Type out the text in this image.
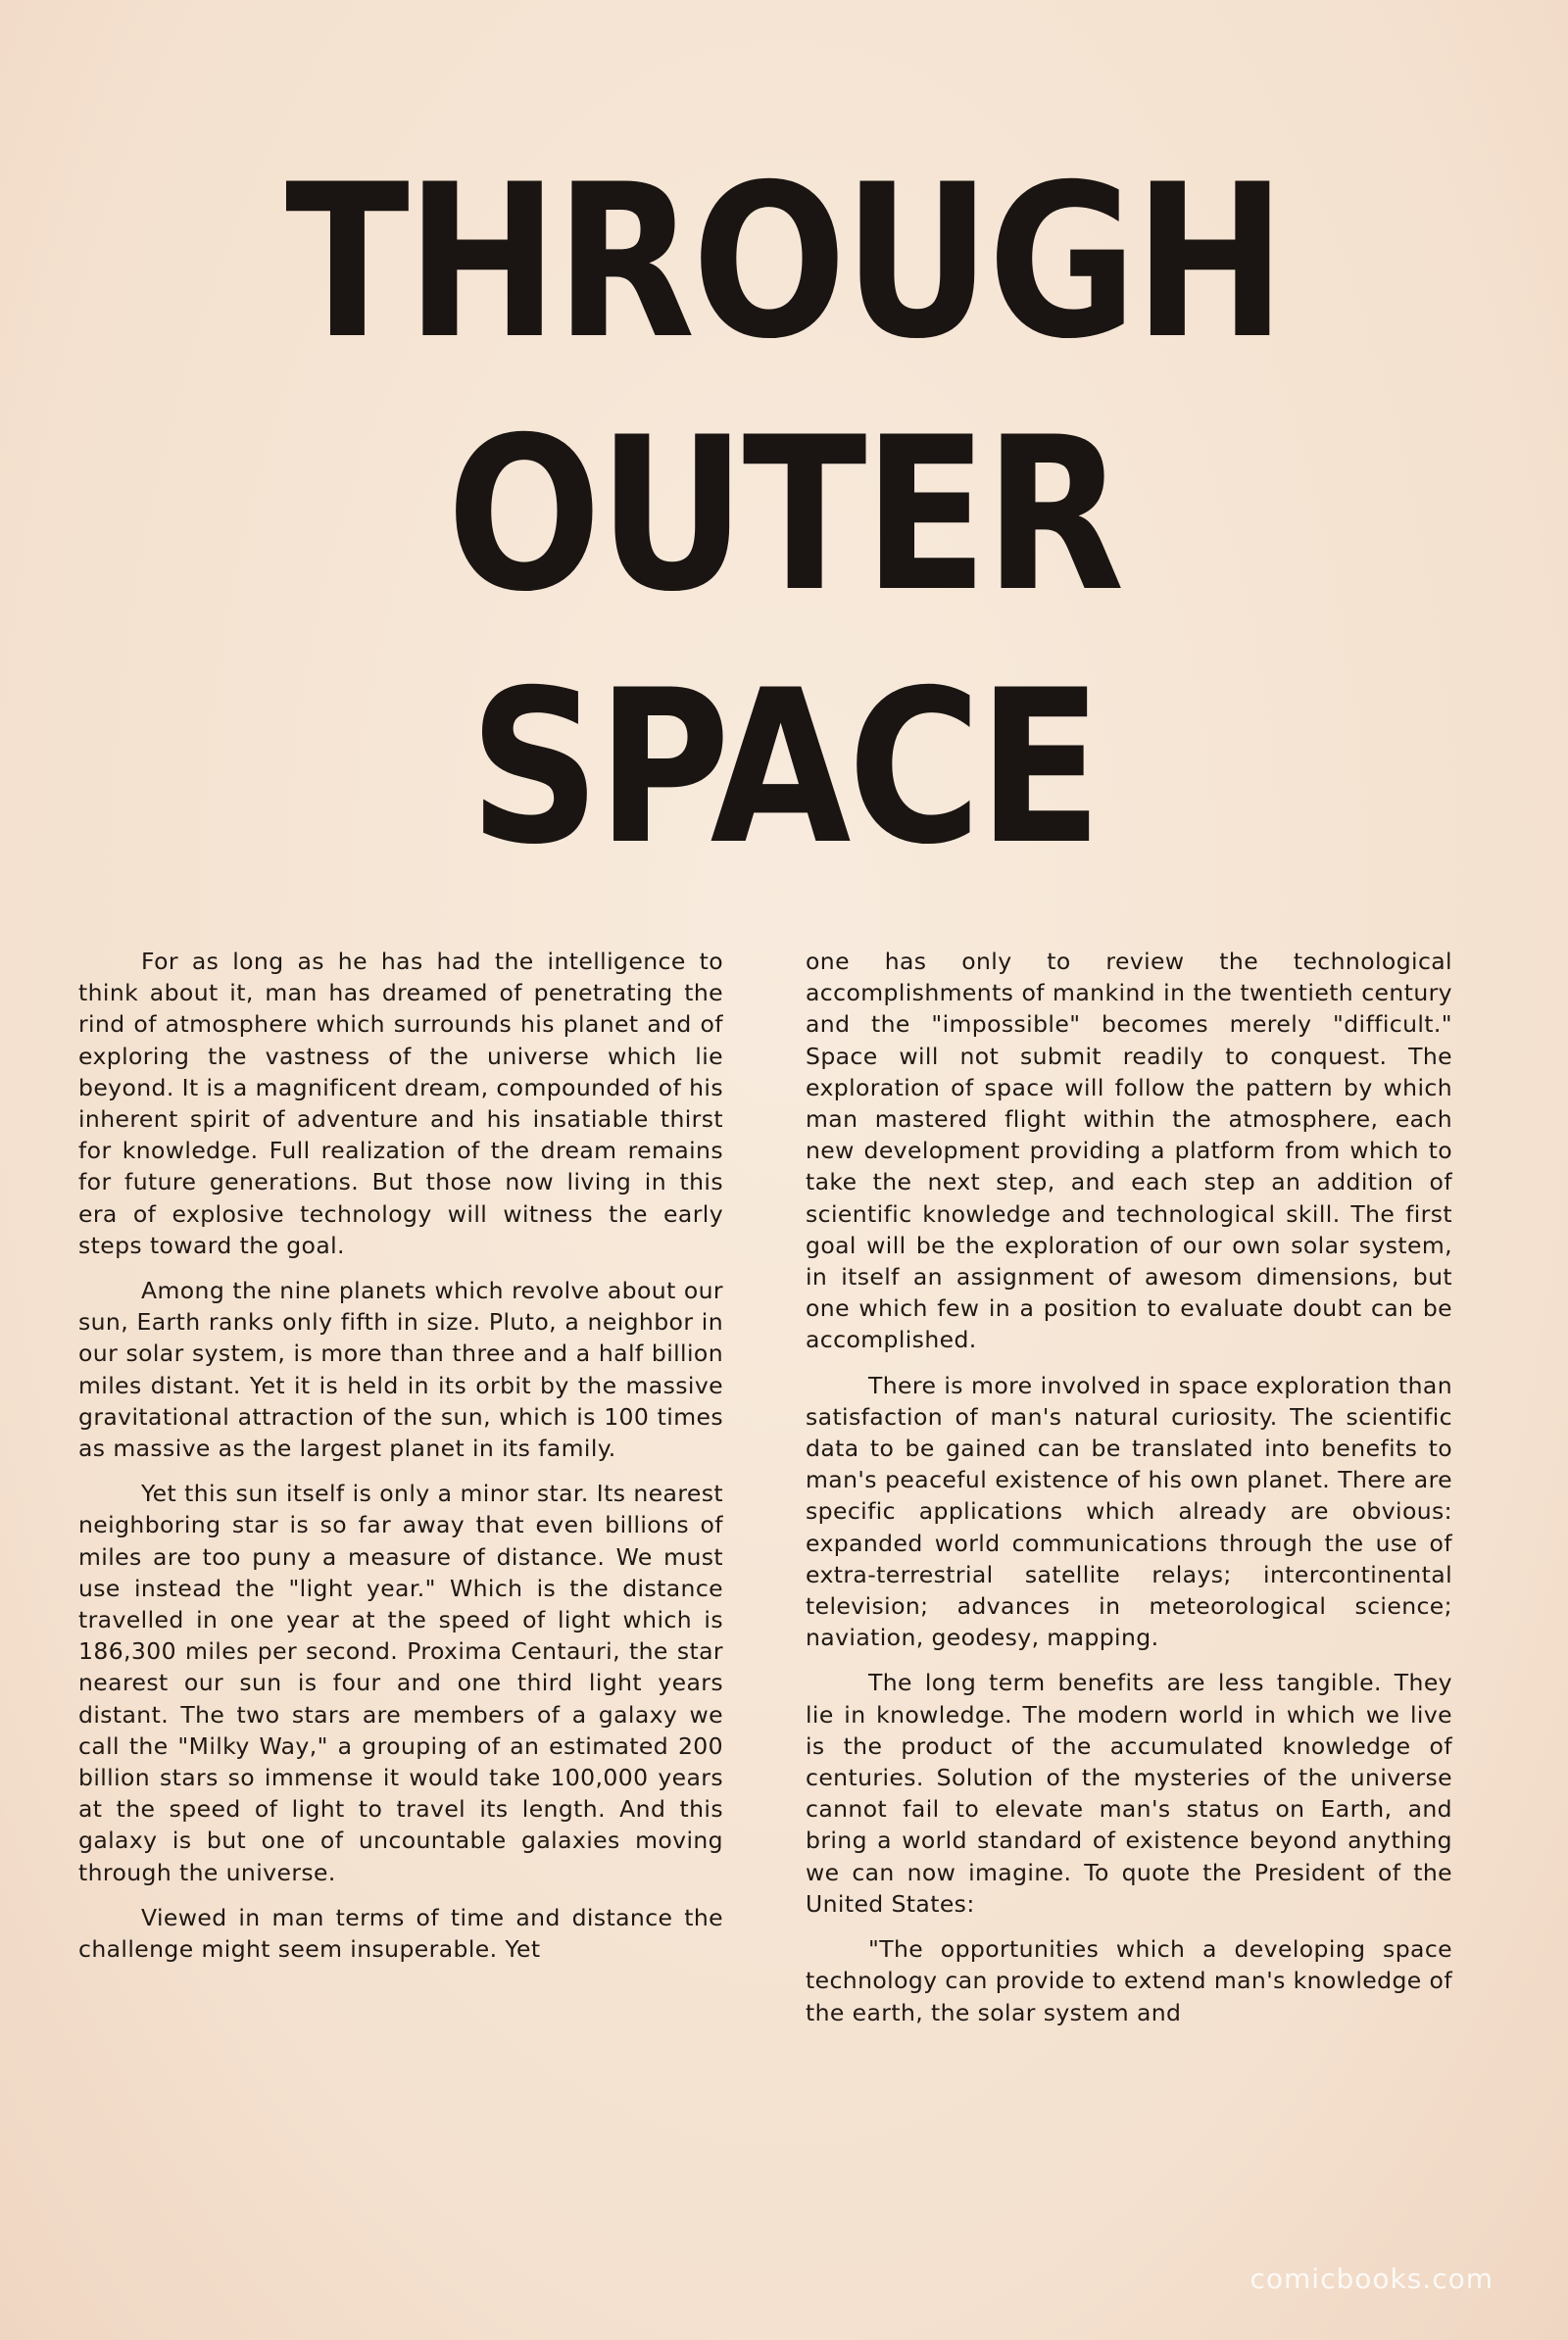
THROUGH
OUTER
SPACE

For as long as he has had the intelligence to think about it, man has dreamed of penetrating the rind of atmosphere which surrounds his planet and of exploring the vastness of the universe which lie beyond. It is a magnificent dream, compounded of his inherent spirit of adventure and his insatiable thirst for knowledge. Full realization of the dream remains for future generations. But those now living in this era of explosive technology will witness the early steps toward the goal.

Among the nine planets which revolve about our sun, Earth ranks only fifth in size. Pluto, a neighbor in our solar system, is more than three and a half billion miles distant. Yet it is held in its orbit by the massive gravitational attraction of the sun, which is 100 times as massive as the largest planet in its family.

Yet this sun itself is only a minor star. Its nearest neighboring star is so far away that even billions of miles are too puny a measure of distance. We must use instead the "light year." Which is the distance travelled in one year at the speed of light which is 186,300 miles per second. Proxima Centauri, the star nearest our sun is four and one third light years distant. The two stars are members of a galaxy we call the "Milky Way," a grouping of an estimated 200 billion stars so immense it would take 100,000 years at the speed of light to travel its length. And this galaxy is but one of uncountable galaxies moving through the universe.

Viewed in man terms of time and distance the challenge might seem insuperable. Yet

one has only to review the technological accomplishments of mankind in the twentieth century and the "impossible" becomes merely "difficult." Space will not submit readily to conquest. The exploration of space will follow the pattern by which man mastered flight within the atmosphere, each new development providing a platform from which to take the next step, and each step an addition of scientific knowledge and technological skill. The first goal will be the exploration of our own solar system, in itself an assignment of awesom dimensions, but one which few in a position to evaluate doubt can be accomplished.

There is more involved in space exploration than satisfaction of man's natural curiosity. The scientific data to be gained can be translated into benefits to man's peaceful existence of his own planet. There are specific applications which already are obvious: expanded world communications through the use of extra-terrestrial satellite relays; intercontinental television; advances in meteorological science; naviation, geodesy, mapping.

The long term benefits are less tangible. They lie in knowledge. The modern world in which we live is the product of the accumulated knowledge of centuries. Solution of the mysteries of the universe cannot fail to elevate man's status on Earth, and bring a world standard of existence beyond anything we can now imagine. To quote the President of the United States:

"The opportunities which a developing space technology can provide to extend man's knowledge of the earth, the solar system and

comicbooks.com
